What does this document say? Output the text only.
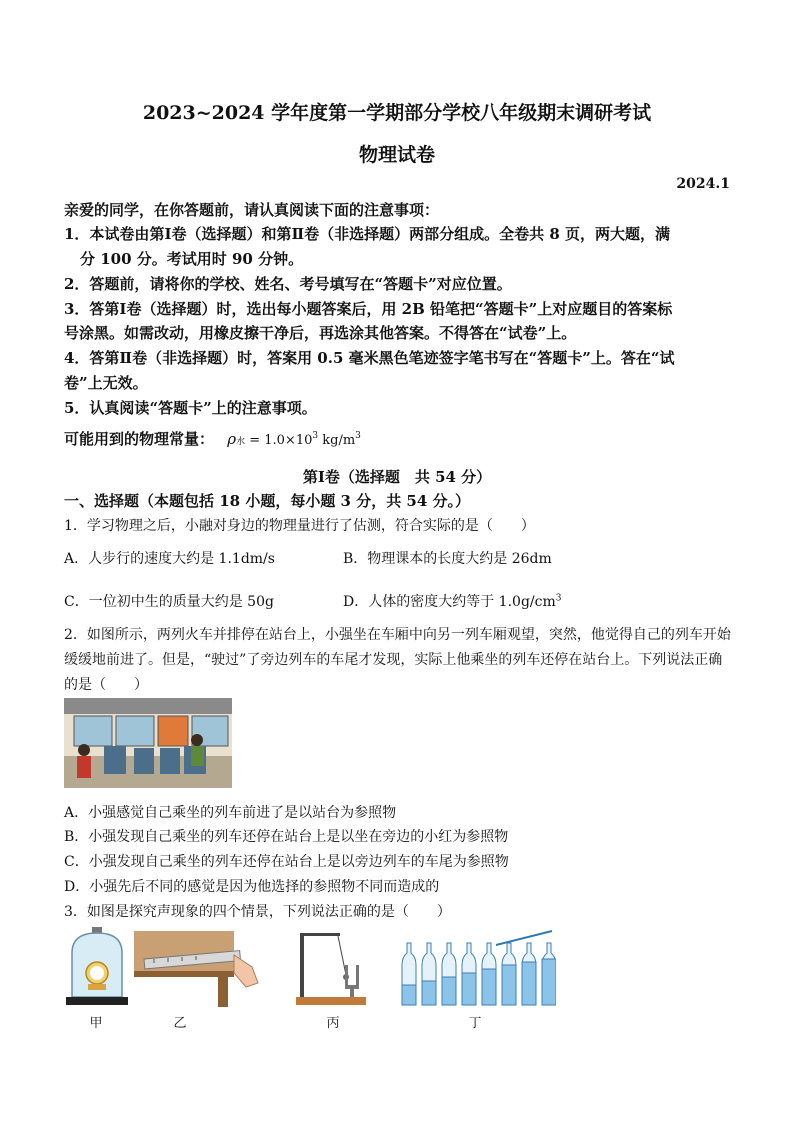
2023~2024 学年度第一学期部分学校八年级期末调研考试
物理试卷
2024.1
亲爱的同学，在你答题前，请认真阅读下面的注意事项：
1．本试卷由第Ⅰ卷（选择题）和第Ⅱ卷（非选择题）两部分组成。全卷共 8 页，两大题，满
分 100 分。考试用时 90 分钟。
2．答题前，请将你的学校、姓名、考号填写在“答题卡”对应位置。
3．答第Ⅰ卷（选择题）时，选出每小题答案后，用 2B 铅笔把“答题卡”上对应题目的答案标
号涂黑。如需改动，用橡皮擦干净后，再选涂其他答案。不得答在“试卷”上。
4．答第Ⅱ卷（非选择题）时，答案用 0.5 毫米黑色笔迹签字笔书写在“答题卡”上。答在“试
卷”上无效。
5．认真阅读“答题卡”上的注意事项。
可能用到的物理常量： ρ水 = $1.0\times 10^3$ $kg/m^3$
第Ⅰ卷（选择题　共 54 分）
一、选择题（本题包括 18 小题，每小题 3 分，共 54 分。）
1．学习物理之后，小融对身边的物理量进行了估测，符合实际的是（　　）
A．人步行的速度大约是 1.1dm/s	B．物理课本的长度大约是 26dm
C．一位初中生的质量大约是 50g	D．人体的密度大约等于 $1.0g/cm^3$
2．如图所示，两列火车并排停在站台上，小强坐在车厢中向另一列车厢观望，突然，他觉得自己的列车开始
缓缓地前进了。但是，“驶过”了旁边列车的车尾才发现，实际上他乘坐的列车还停在站台上。下列说法正确
的是（　　）
A．小强感觉自己乘坐的列车前进了是以站台为参照物
B．小强发现自己乘坐的列车还停在站台上是以坐在旁边的小红为参照物
C．小强发现自己乘坐的列车还停在站台上是以旁边列车的车尾为参照物
D．小强先后不同的感觉是因为他选择的参照物不同而造成的
3．如图是探究声现象的四个情景，下列说法正确的是（　　）
甲	乙	丙	丁
